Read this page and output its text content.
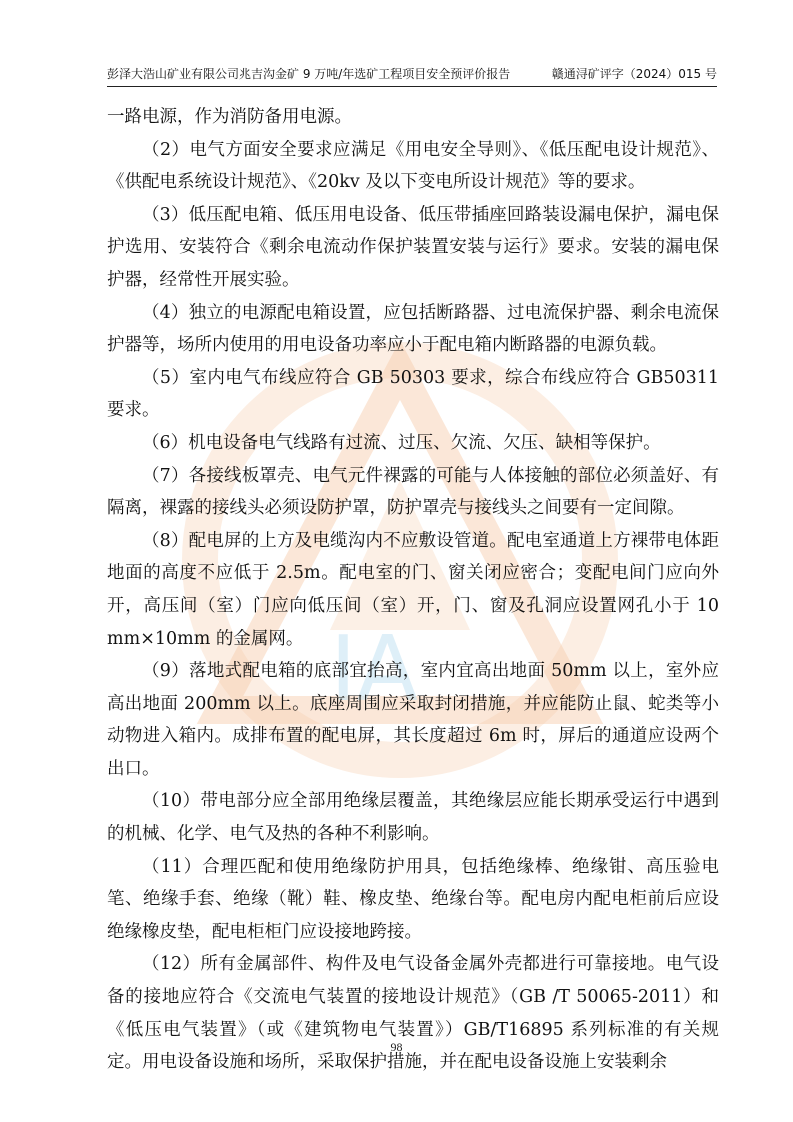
彭泽大浩山矿业有限公司兆吉沟金矿 9 万吨/年选矿工程项目安全预评价报告	赣通浔矿评字（2024）015 号
IA

一路电源，作为消防备用电源。

（2）电气方面安全要求应满足《用电安全导则》、《低压配电设计规范》、《供配电系统设计规范》、《20kv 及以下变电所设计规范》等的要求。

（3）低压配电箱、低压用电设备、低压带插座回路装设漏电保护，漏电保护选用、安装符合《剩余电流动作保护装置安装与运行》要求。安装的漏电保护器，经常性开展实验。

（4）独立的电源配电箱设置，应包括断路器、过电流保护器、剩余电流保护器等，场所内使用的用电设备功率应小于配电箱内断路器的电源负载。

（5）室内电气布线应符合 GB 50303 要求，综合布线应符合 GB50311 要求。

（6）机电设备电气线路有过流、过压、欠流、欠压、缺相等保护。

（7）各接线板罩壳、电气元件裸露的可能与人体接触的部位必须盖好、有隔离，裸露的接线头必须设防护罩，防护罩壳与接线头之间要有一定间隙。

（8）配电屏的上方及电缆沟内不应敷设管道。配电室通道上方裸带电体距地面的高度不应低于 2.5m。配电室的门、窗关闭应密合；变配电间门应向外开，高压间（室）门应向低压间（室）开，门、窗及孔洞应设置网孔小于 10 mm×10mm 的金属网。

（9）落地式配电箱的底部宜抬高，室内宜高出地面 50mm 以上，室外应高出地面 200mm 以上。底座周围应采取封闭措施，并应能防止鼠、蛇类等小动物进入箱内。成排布置的配电屏，其长度超过 6m 时，屏后的通道应设两个出口。

（10）带电部分应全部用绝缘层覆盖，其绝缘层应能长期承受运行中遇到的机械、化学、电气及热的各种不利影响。

（11）合理匹配和使用绝缘防护用具，包括绝缘棒、绝缘钳、高压验电笔、绝缘手套、绝缘（靴）鞋、橡皮垫、绝缘台等。配电房内配电柜前后应设绝缘橡皮垫，配电柜柜门应设接地跨接。

（12）所有金属部件、构件及电气设备金属外壳都进行可靠接地。电气设备的接地应符合《交流电气装置的接地设计规范》（GB /T 50065-2011）和《低压电气装置》（或《建筑物电气装置》）GB/T16895 系列标准的有关规定。用电设备设施和场所，采取保护措施，并在配电设备设施上安装剩余

98
